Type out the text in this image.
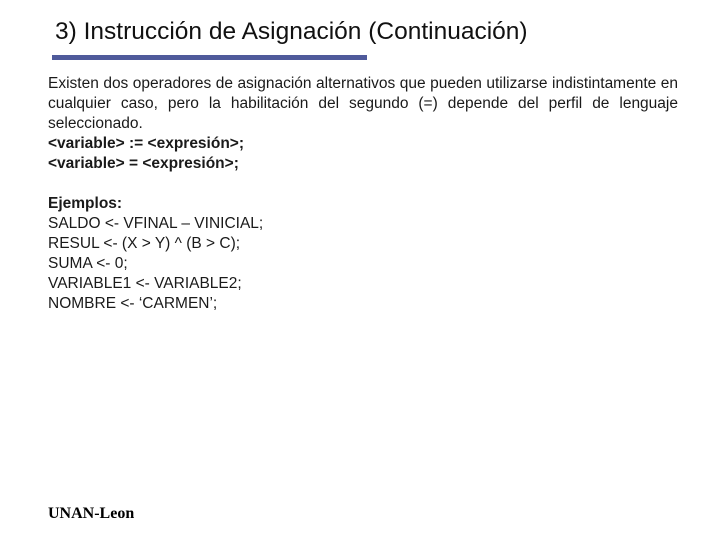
3) Instrucción de Asignación (Continuación)

Existen dos operadores de asignación alternativos que pueden utilizarse indistintamente en cualquier caso, pero la habilitación del segundo (=) depende del perfil de lenguaje seleccionado.

<variable> := <expresión>;

<variable> = <expresión>;

Ejemplos:

SALDO <- VFINAL – VINICIAL;

RESUL <- (X > Y) ^ (B > C);

SUMA <- 0;

VARIABLE1 <- VARIABLE2;

NOMBRE <- ‘CARMEN’;

UNAN-Leon
